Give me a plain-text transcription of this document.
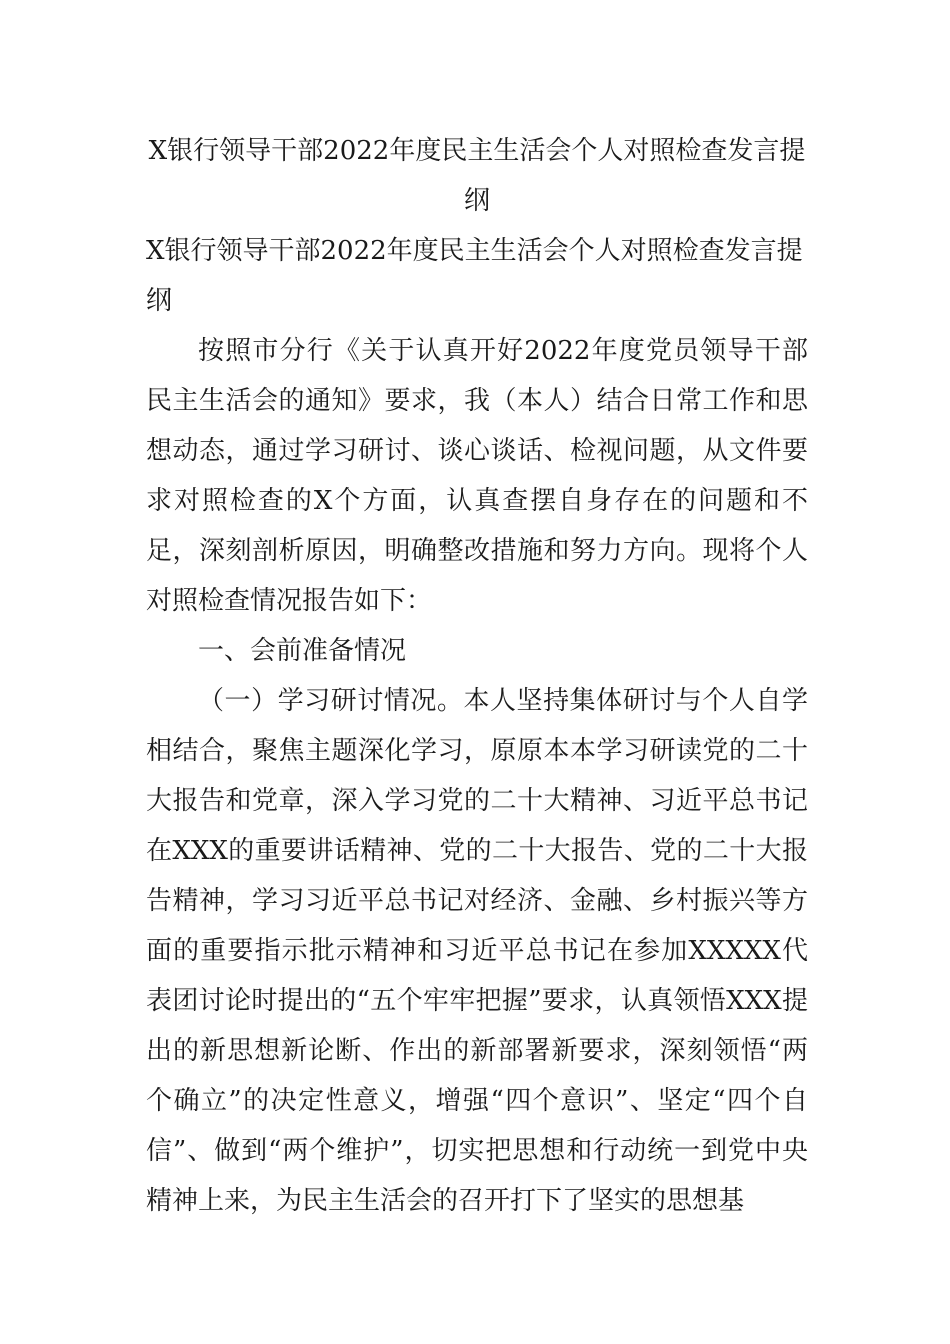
X银行领导干部2022年度民主生活会个人对照检查发言提纲
X银行领导干部2022年度民主生活会个人对照检查发言提纲

按照市分行《关于认真开好2022年度党员领导干部民主生活会的通知》要求，我（本人）结合日常工作和思想动态，通过学习研讨、谈心谈话、检视问题，从文件要求对照检查的X个方面，认真查摆自身存在的问题和不足，深刻剖析原因，明确整改措施和努力方向。现将个人对照检查情况报告如下：

一、会前准备情况

（一）学习研讨情况。本人坚持集体研讨与个人自学相结合，聚焦主题深化学习，原原本本学习研读党的二十大报告和党章，深入学习党的二十大精神、习近平总书记在XXX的重要讲话精神、党的二十大报告、党的二十大报告精神，学习习近平总书记对经济、金融、乡村振兴等方面的重要指示批示精神和习近平总书记在参加XXXXX代表团讨论时提出的“五个牢牢把握”要求，认真领悟XXX提出的新思想新论断、作出的新部署新要求，深刻领悟“两个确立”的决定性意义，增强“四个意识”、坚定“四个自信”、做到“两个维护”，切实把思想和行动统一到党中央精神上来，为民主生活会的召开打下了坚实的思想基
